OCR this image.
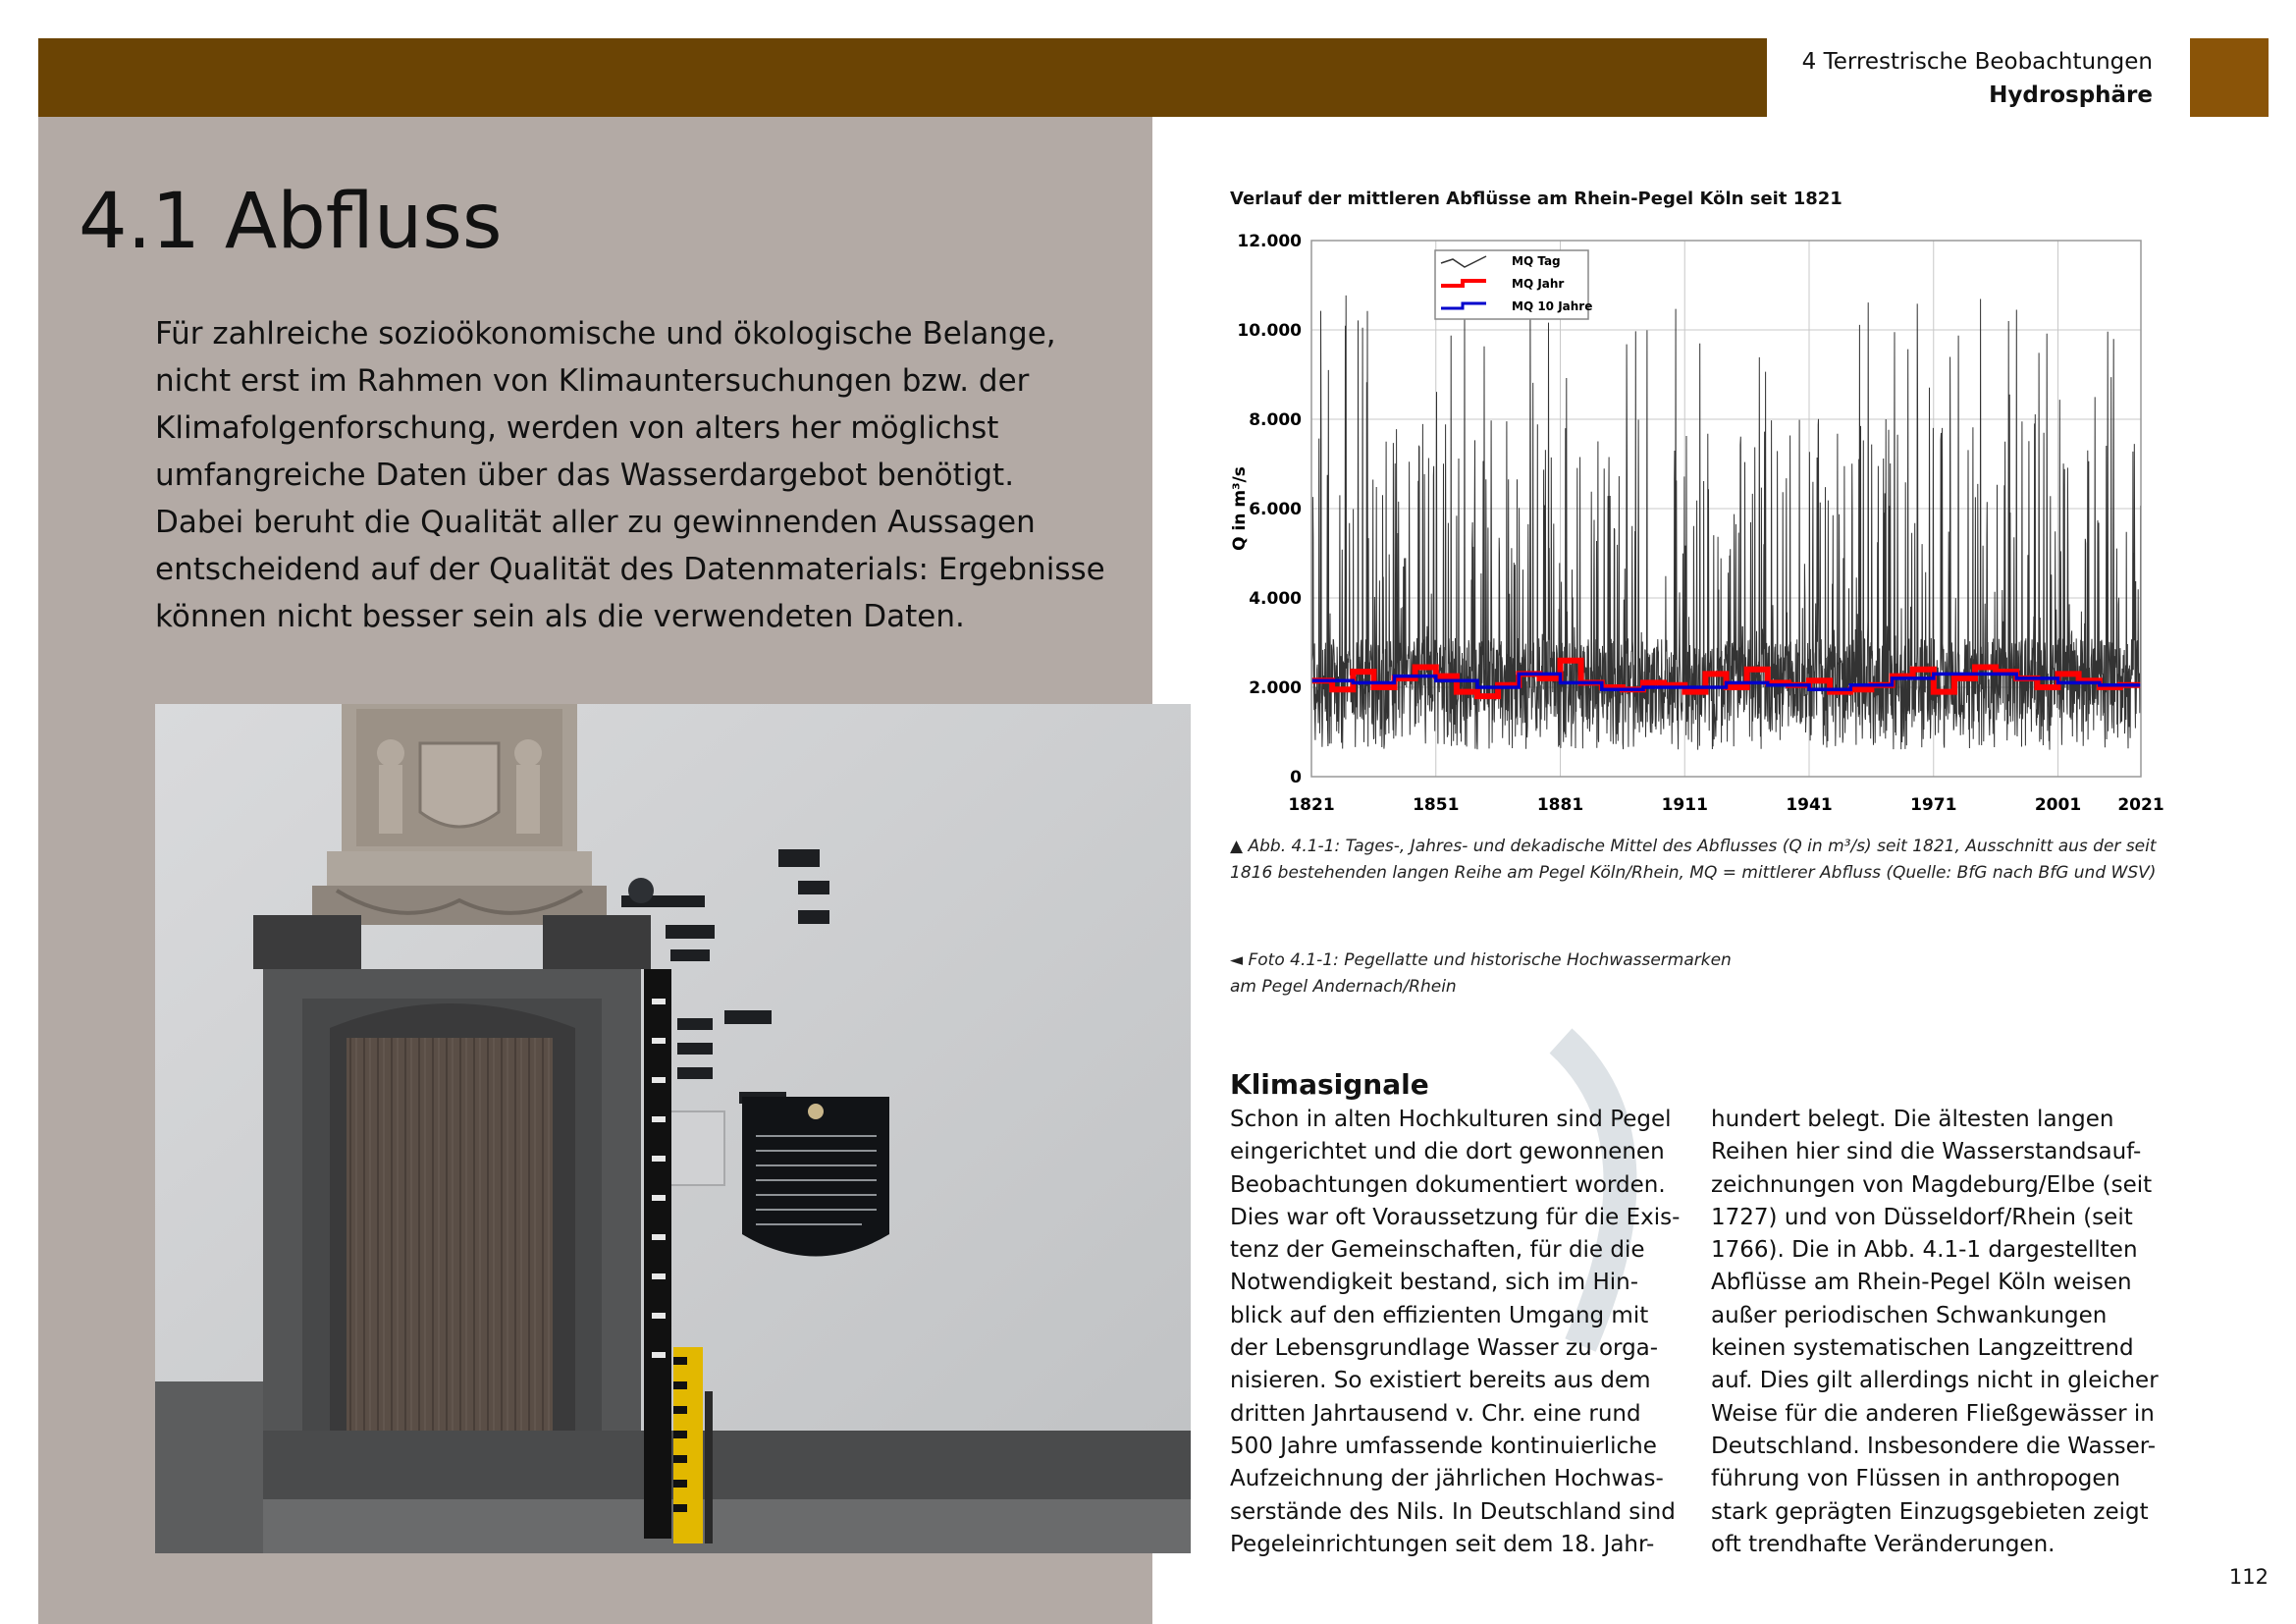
4 Terrestrische Beobachtungen
Hydrosphäre
4.1 Abfluss
Für zahlreiche sozioökonomische und ökologische Belange,
nicht erst im Rahmen von Klimauntersuchungen bzw. der
Klimafolgenforschung, werden von alters her möglichst
umfangreiche Daten über das Wasserdargebot benötigt.
Dabei beruht die Qualität aller zu gewinnenden Aussagen
entscheidend auf der Qualität des Datenmaterials: Ergebnisse
können nicht besser sein als die verwendeten Daten.
Verlauf der mittleren Abflüsse am Rhein-Pegel Köln seit 1821
0
2.000
4.000
6.000
8.000
10.000
12.000
1821	1851	1881	1911	1941	1971	2001 2021
Q in m³/s
MQ Tag
MQ Jahr
MQ 10 Jahre
▲ Abb. 4.1-1: Tages-, Jahres- und dekadische Mittel des Abflusses (Q in m³/s) seit 1821, Ausschnitt aus der seit 1816 bestehenden langen Reihe am Pegel Köln/Rhein, MQ = mittlerer Abfluss (Quelle: BfG nach BfG und WSV)
◄ Foto 4.1-1: Pegellatte und historische Hochwassermarken am Pegel Andernach/Rhein
Klimasignale
Schon in alten Hochkulturen sind Pegel
eingerichtet und die dort gewonnenen
Beobachtungen dokumentiert worden.
Dies war oft Voraussetzung für die Exis-
tenz der Gemeinschaften, für die die
Notwendigkeit bestand, sich im Hin-
blick auf den effizienten Umgang mit
der Lebensgrundlage Wasser zu orga-
nisieren. So existiert bereits aus dem
dritten Jahrtausend v. Chr. eine rund
500 Jahre umfassende kontinuierliche
Aufzeichnung der jährlichen Hochwas-
serstände des Nils. In Deutschland sind
Pegeleinrichtungen seit dem 18. Jahr-
hundert belegt. Die ältesten langen
Reihen hier sind die Wasserstandsauf-
zeichnungen von Magdeburg/Elbe (seit
1727) und von Düsseldorf/Rhein (seit
1766). Die in Abb. 4.1-1 dargestellten
Abflüsse am Rhein-Pegel Köln weisen
außer periodischen Schwankungen
keinen systematischen Langzeittrend
auf. Dies gilt allerdings nicht in gleicher
Weise für die anderen Fließgewässer in
Deutschland. Insbesondere die Wasser-
führung von Flüssen in anthropogen
stark geprägten Einzugsgebieten zeigt
oft trendhafte Veränderungen.
112
